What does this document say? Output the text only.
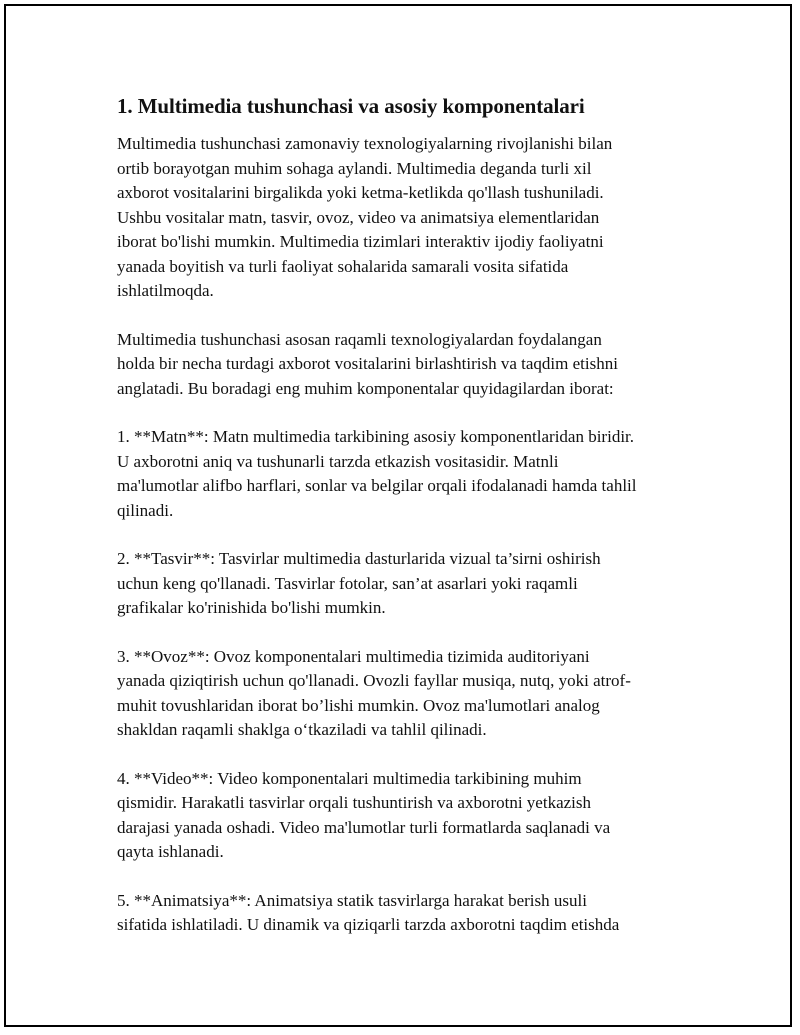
1. Multimedia tushunchasi va asosiy komponentalari

Multimedia tushunchasi zamonaviy texnologiyalarning rivojlanishi bilan
ortib borayotgan muhim sohaga aylandi. Multimedia deganda turli xil
axborot vositalarini birgalikda yoki ketma-ketlikda qo'llash tushuniladi.
Ushbu vositalar matn, tasvir, ovoz, video va animatsiya elementlaridan
iborat bo'lishi mumkin. Multimedia tizimlari interaktiv ijodiy faoliyatni
yanada boyitish va turli faoliyat sohalarida samarali vosita sifatida
ishlatilmoqda.

Multimedia tushunchasi asosan raqamli texnologiyalardan foydalangan
holda bir necha turdagi axborot vositalarini birlashtirish va taqdim etishni
anglatadi. Bu boradagi eng muhim komponentalar quyidagilardan iborat:

1. **Matn**: Matn multimedia tarkibining asosiy komponentlaridan biridir.
U axborotni aniq va tushunarli tarzda etkazish vositasidir. Matnli
ma'lumotlar alifbo harflari, sonlar va belgilar orqali ifodalanadi hamda tahlil
qilinadi.

2. **Tasvir**: Tasvirlar multimedia dasturlarida vizual ta’sirni oshirish
uchun keng qo'llanadi. Tasvirlar fotolar, san’at asarlari yoki raqamli
grafikalar ko'rinishida bo'lishi mumkin.

3. **Ovoz**: Ovoz komponentalari multimedia tizimida auditoriyani
yanada qiziqtirish uchun qo'llanadi. Ovozli fayllar musiqa, nutq, yoki atrof-
muhit tovushlaridan iborat bo’lishi mumkin. Ovoz ma'lumotlari analog
shakldan raqamli shaklga o‘tkaziladi va tahlil qilinadi.

4. **Video**: Video komponentalari multimedia tarkibining muhim
qismidir. Harakatli tasvirlar orqali tushuntirish va axborotni yetkazish
darajasi yanada oshadi. Video ma'lumotlar turli formatlarda saqlanadi va
qayta ishlanadi.

5. **Animatsiya**: Animatsiya statik tasvirlarga harakat berish usuli
sifatida ishlatiladi. U dinamik va qiziqarli tarzda axborotni taqdim etishda
